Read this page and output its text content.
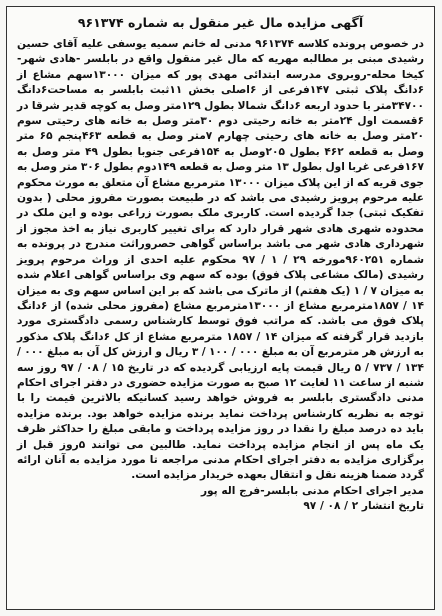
آگهی مزایده مال غیر منقول به شماره ۹۶۱۳۷۴
در خصوص پرونده کلاسه ۹۶۱۳۷۴ مدنی له خانم سمیه یوسفی علیه آقای حسین رشیدی مبنی بر مطالبه مهریه که مال غیر منقول واقع در بابلسر -هادی شهر-کیخا محله-روبروی مدرسه ابتدائی مهدی پور که میزان ۱۳۰۰۰سهم مشاع از ۶دانگ پلاک ثبتی ۱۴۷فرعی از ۶اصلی بخش ۱۱ثبت بابلسر به مساحت۶دانگ ۳۴۷۰۰متر با حدود اربعه ۶دانگ شمالا بطول ۱۲۹متر وصل به کوچه قدیر شرقا در ۶قسمت اول ۲۴متر به خانه رحیتی دوم ۳۰متر وصل به خانه های رحیتی سوم ۲۰متر وصل به خانه های رحیتی چهارم ۷متر وصل به قطعه ۴۶۳پنجم ۶۵ متر وصل به قطعه ۴۶۲ بطول ۲۰۵وصل به ۱۵۴فرعی جنوبا بطول ۴۹ متر وصل به ۱۶۷فرعی غربا اول بطول ۱۳ متر وصل به قطعه ۱۴۹دوم بطول ۳۰۶ متر وصل به جوی قریه که از این پلاک میزان ۱۳۰۰۰ مترمربع مشاع آن متعلق به مورث محکوم علیه مرحوم پرویز رشیدی می باشد که در طبیعت بصورت مفروز محلی ( بدون تفکیک ثبتی) جدا گردیده است. کاربری ملک بصورت زراعی بوده و این ملک در محدوده شهری هادی شهر قرار دارد که برای تغییر کاربری نیاز به اخذ مجوز از شهرداری هادی شهر می باشد براساس گواهی حصروراثت مندرج در پرونده به شماره ۹۶۰۲۵۱مورخه ۲۹ / ۱ / ۹۷ محکوم علیه احدی از وراث مرحوم پرویز رشیدی (مالک مشاعی پلاک فوق) بوده که سهم وی براساس گواهی اعلام شده به میزان ۷ / ۱ (یک هفتم) از ماترک می باشد که بر این اساس سهم وی به میزان ۱۴ / ۱۸۵۷مترمربع مشاع از ۱۳۰۰۰مترمربع مشاع (مفروز محلی شده) از ۶دانگ پلاک فوق می باشد. که مراتب فوق توسط کارشناس رسمی دادگستری مورد بازدید قرار گرفته که میزان ۱۴ / ۱۸۵۷ مترمربع مشاع از کل ۶دانگ پلاک مذکور به ارزش هر مترمربع آن به مبلغ ۰۰۰ / ۱۰۰ / ۳ ریال و ارزش کل آن به مبلغ ۰۰۰ / ۱۳۴ / ۷۳۷ / ۵ ریال قیمت پایه ارزیابی گردیده که در تاریخ ۱۵ / ۰۸ / ۹۷ روز سه شنبه از ساعت ۱۱ لغایت ۱۲ صبح به صورت مزایده حضوری در دفتر اجرای احکام مدنی دادگستری بابلسر به فروش خواهد رسید کسانیکه بالاترین قیمت را با توجه به نظریه کارشناس پرداخت نماید برنده مزایده خواهد بود. برنده مزایده باید ده درصد مبلغ را نقدا در روز مزایده پرداخت و مابقی مبلغ را حداکثر ظرف یک ماه پس از انجام مزایده پرداخت نماید. طالبین می توانند ۵روز قبل از برگزاری مزایده به دفتر اجرای احکام مدنی مراجعه تا مورد مزایده به آنان ارائه گردد ضمنا هزینه نقل و انتقال بعهده خریدار مزایده است.
مدیر اجرای احکام مدنی بابلسر-فرج اله پور
تاریخ انتشار ۲ / ۰۸ / ۹۷
